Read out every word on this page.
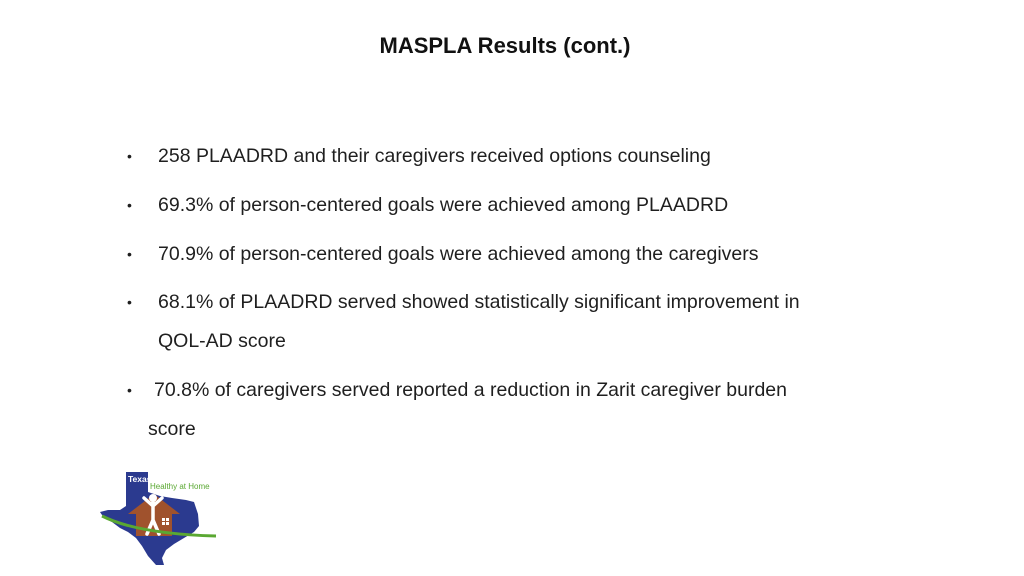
MASPLA Results (cont.)
• 258 PLAADRD and their caregivers received options counseling
• 69.3% of person-centered goals were achieved among PLAADRD
• 70.9% of person-centered goals were achieved among the caregivers
• 68.1% of PLAADRD served showed statistically significant improvement in
QOL-AD score
• 70.8% of caregivers served reported a reduction in Zarit caregiver burden
score
Texas
Healthy at Home
